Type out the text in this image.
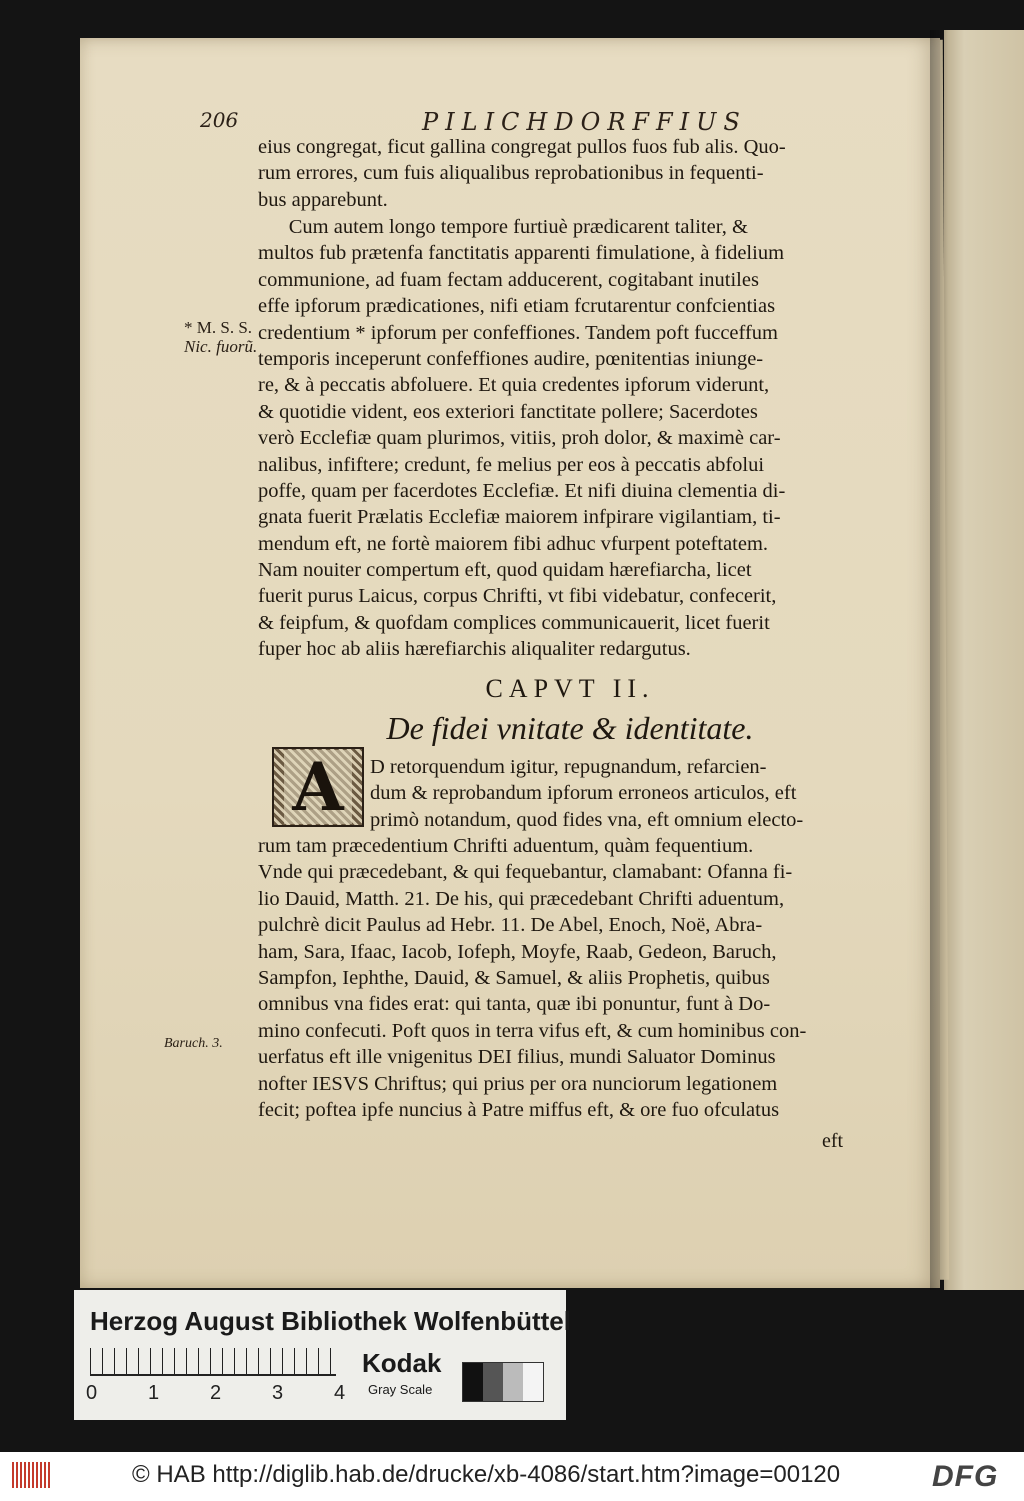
206	PILICHDORFFIUS
eius congregat, ficut gallina congregat pullos fuos fub alis. Quo-
rum errores, cum fuis aliqualibus reprobationibus in fequenti-
bus apparebunt.
Cum autem longo tempore furtiuè prædicarent taliter, &
multos fub prætenfa fanctitatis apparenti fimulatione, à fidelium
communione, ad fuam fectam adducerent, cogitabant inutiles
effe ipforum prædicationes, nifi etiam fcrutarentur confcientias
credentium * ipforum per confeffiones. Tandem poft fucceffum
temporis inceperunt confeffiones audire, pœnitentias iniunge-
re, & à peccatis abfoluere. Et quia credentes ipforum viderunt,
& quotidie vident, eos exteriori fanctitate pollere; Sacerdotes
verò Ecclefiæ quam plurimos, vitiis, proh dolor, & maximè car-
nalibus, infiftere; credunt, fe melius per eos à peccatis abfolui
poffe, quam per facerdotes Ecclefiæ. Et nifi diuina clementia di-
gnata fuerit Prælatis Ecclefiæ maiorem infpirare vigilantiam, ti-
mendum eft, ne fortè maiorem fibi adhuc vfurpent poteftatem.
Nam nouiter compertum eft, quod quidam hærefiarcha, licet
fuerit purus Laicus, corpus Chrifti, vt fibi videbatur, confecerit,
& feipfum, & quofdam complices communicauerit, licet fuerit
fuper hoc ab aliis hærefiarchis aliqualiter redargutus.
* M. S. S.
Nic. fuorũ.
CAPVT II.
De fidei vnitate & identitate.
A	D retorquendum igitur, repugnandum, refarcien-
dum & reprobandum ipforum erroneos articulos, eft
primò notandum, quod fides vna, eft omnium electo-
rum tam præcedentium Chrifti aduentum, quàm fequentium.
Vnde qui præcedebant, & qui fequebantur, clamabant: Ofanna fi-
lio Dauid, Matth. 21. De his, qui præcedebant Chrifti aduentum,
pulchrè dicit Paulus ad Hebr. 11. De Abel, Enoch, Noë, Abra-
ham, Sara, Ifaac, Iacob, Iofeph, Moyfe, Raab, Gedeon, Baruch,
Sampfon, Iephthe, Dauid, & Samuel, & aliis Prophetis, quibus
omnibus vna fides erat: qui tanta, quæ ibi ponuntur, funt à Do-
mino confecuti. Poft quos in terra vifus eft, & cum hominibus con-
uerfatus eft ille vnigenitus DEI filius, mundi Saluator Dominus
nofter IESVS Chriftus; qui prius per ora nunciorum legationem
fecit; poftea ipfe nuncius à Patre miffus eft, & ore fuo ofculatus
Baruch. 3.
eft
Herzog August Bibliothek Wolfenbüttel
0	1	2	3	4
Kodak
Gray Scale
© HAB http://diglib.hab.de/drucke/xb-4086/start.htm?image=00120	DFG
